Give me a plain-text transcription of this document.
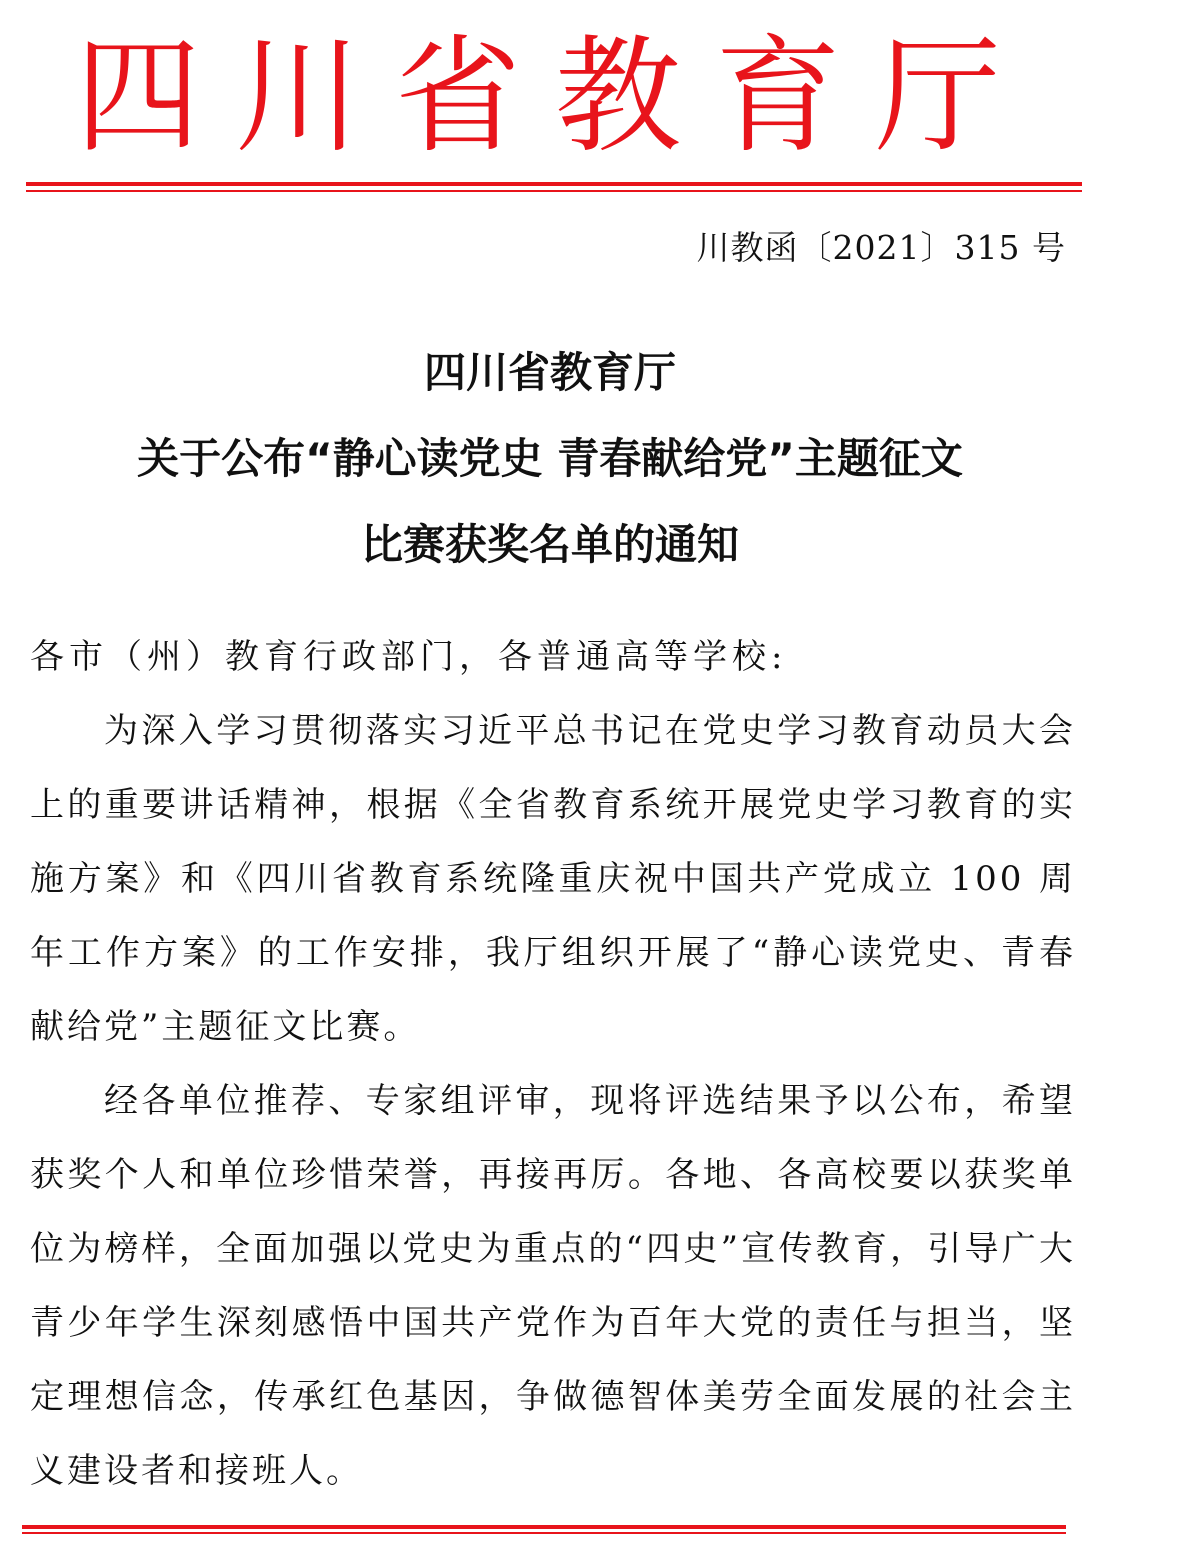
四川省教育厅
川教函〔2021〕315 号
四川省教育厅
关于公布“静心读党史 青春献给党”主题征文
比赛获奖名单的通知

各市（州）教育行政部门，各普通高等学校:

为深入学习贯彻落实习近平总书记在党史学习教育动员大会上的重要讲话精神，根据《全省教育系统开展党史学习教育的实施方案》和《四川省教育系统隆重庆祝中国共产党成立 100 周年工作方案》的工作安排，我厅组织开展了“静心读党史、青春献给党”主题征文比赛。

经各单位推荐、专家组评审，现将评选结果予以公布，希望获奖个人和单位珍惜荣誉，再接再厉。各地、各高校要以获奖单位为榜样，全面加强以党史为重点的“四史”宣传教育，引导广大青少年学生深刻感悟中国共产党作为百年大党的责任与担当，坚定理想信念，传承红色基因，争做德智体美劳全面发展的社会主义建设者和接班人。
